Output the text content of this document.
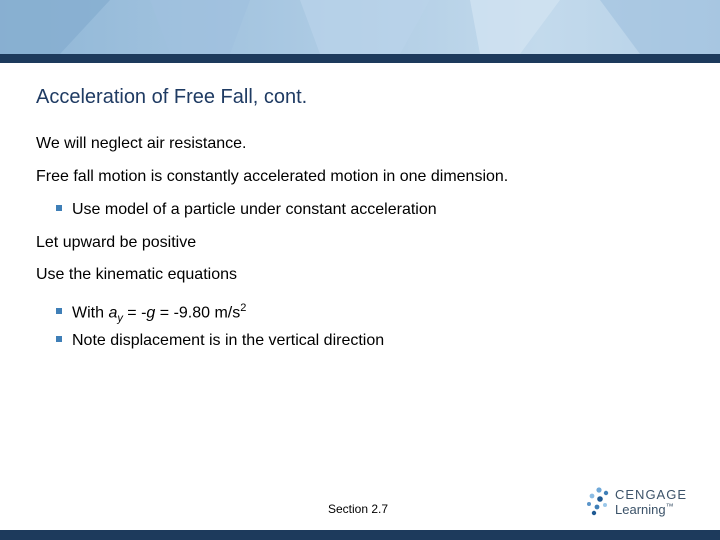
Acceleration of Free Fall, cont.

We will neglect air resistance.

Free fall motion is constantly accelerated motion in one dimension.

Use model of a particle under constant acceleration

Let upward be positive

Use the kinematic equations

With $a_y = -g = -9.80$ $m/s^2$

Note displacement is in the vertical direction

Section 2.7
CENGAGE
Learning™
